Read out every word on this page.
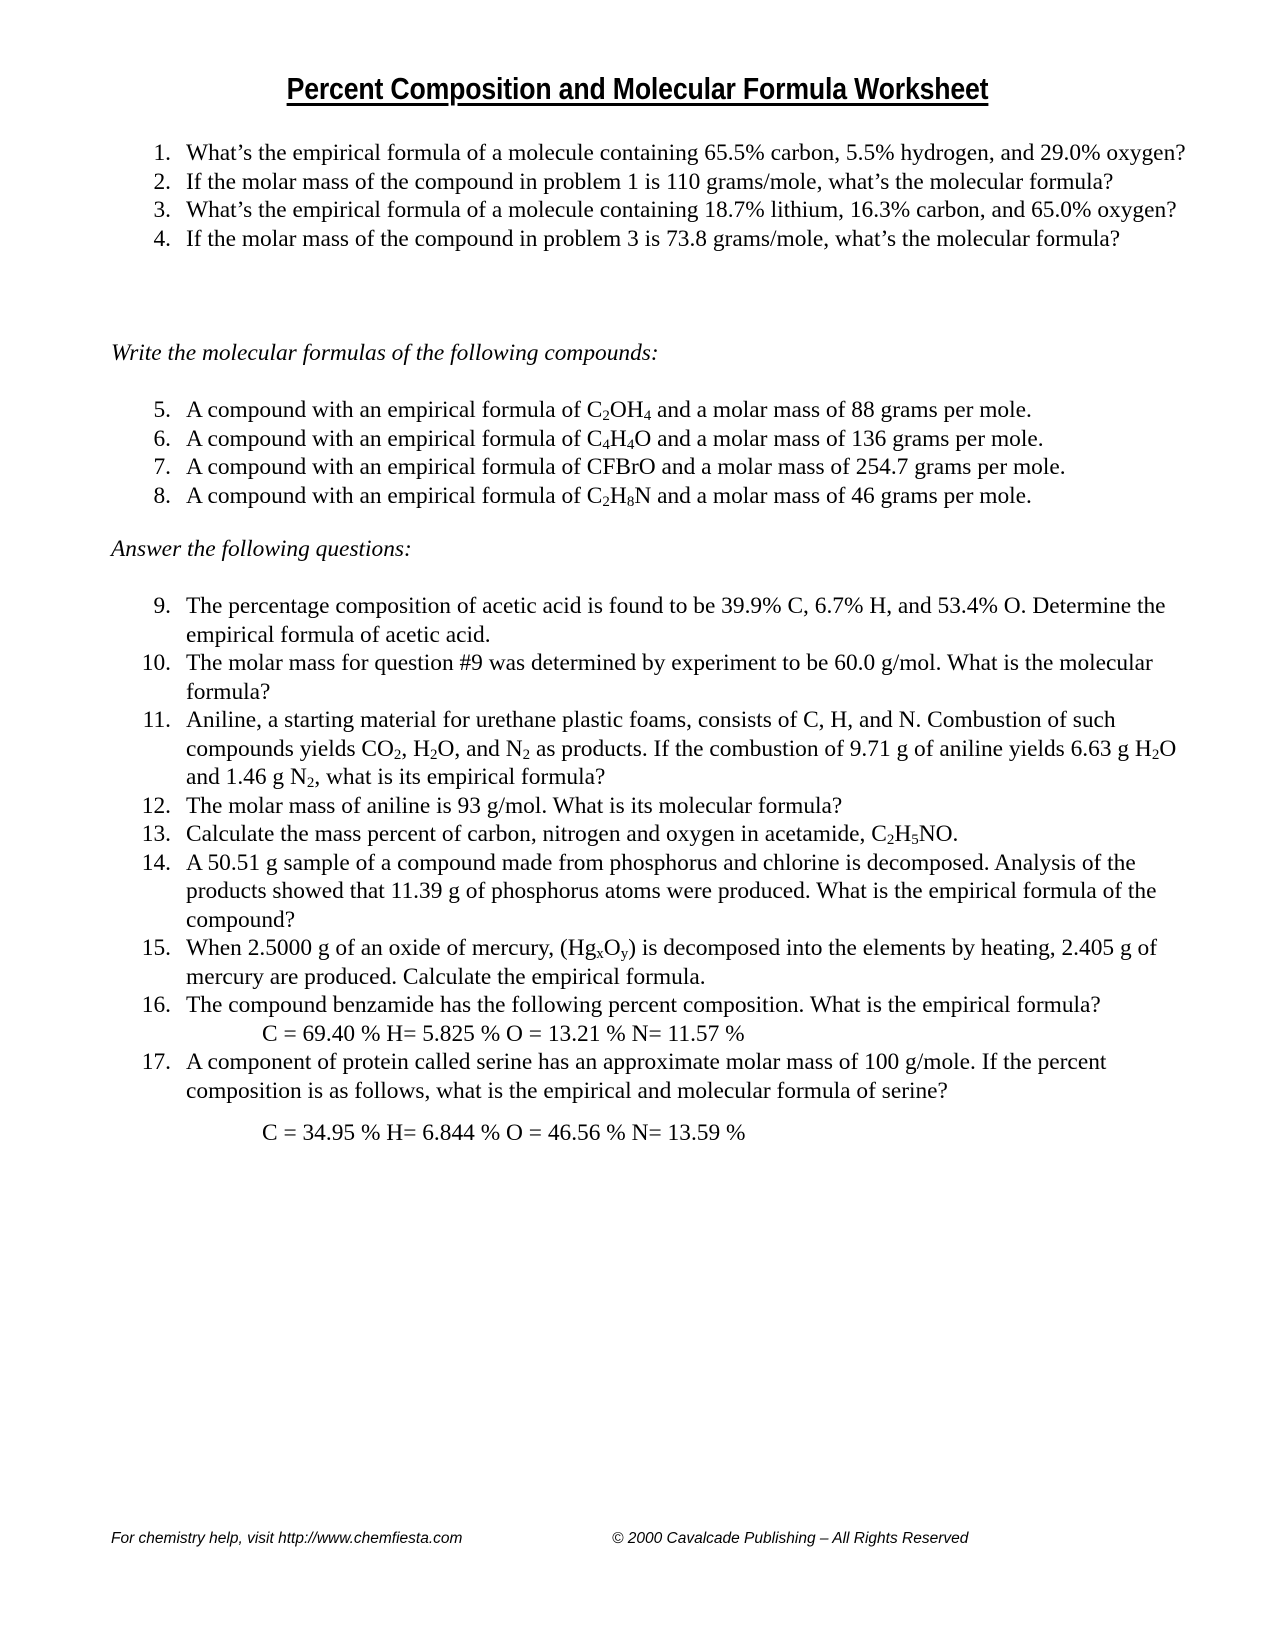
Percent Composition and Molecular Formula Worksheet
1. What’s the empirical formula of a molecule containing 65.5% carbon, 5.5% hydrogen, and 29.0% oxygen?
2. If the molar mass of the compound in problem 1 is 110 grams/mole, what’s the molecular formula?
3. What’s the empirical formula of a molecule containing 18.7% lithium, 16.3% carbon, and 65.0% oxygen?
4. If the molar mass of the compound in problem 3 is 73.8 grams/mole, what’s the molecular formula?
Write the molecular formulas of the following compounds:
5. A compound with an empirical formula of $C_2OH_4$ and a molar mass of 88 grams per mole.
6. A compound with an empirical formula of $C_4H_4O$ and a molar mass of 136 grams per mole.
7. A compound with an empirical formula of CFBrO and a molar mass of 254.7 grams per mole.
8. A compound with an empirical formula of $C_2H_8N$ and a molar mass of 46 grams per mole.
Answer the following questions:
9. The percentage composition of acetic acid is found to be 39.9% C, 6.7% H, and 53.4% O. Determine the empirical formula of acetic acid.
10. The molar mass for question #9 was determined by experiment to be 60.0 g/mol. What is the molecular formula?
11. Aniline, a starting material for urethane plastic foams, consists of C, H, and N. Combustion of such compounds yields $CO_2$, $H_2O$, and $N_2$ as products. If the combustion of 9.71 g of aniline yields 6.63 g $H_2O$ and 1.46 g $N_2$, what is its empirical formula?
12. The molar mass of aniline is 93 g/mol. What is its molecular formula?
13. Calculate the mass percent of carbon, nitrogen and oxygen in acetamide, $C_2H_5NO$.
14. A 50.51 g sample of a compound made from phosphorus and chlorine is decomposed. Analysis of the products showed that 11.39 g of phosphorus atoms were produced. What is the empirical formula of the compound?
15. When 2.5000 g of an oxide of mercury, $(Hg_xO_y)$ is decomposed into the elements by heating, 2.405 g of mercury are produced. Calculate the empirical formula.
16. The compound benzamide has the following percent composition. What is the empirical formula?
C = 69.40 % H= 5.825 % O = 13.21 % N= 11.57 %
17. A component of protein called serine has an approximate molar mass of 100 g/mole. If the percent composition is as follows, what is the empirical and molecular formula of serine?
C = 34.95 % H= 6.844 % O = 46.56 % N= 13.59 %
For chemistry help, visit http://www.chemfiesta.com	© 2000 Cavalcade Publishing – All Rights Reserved
